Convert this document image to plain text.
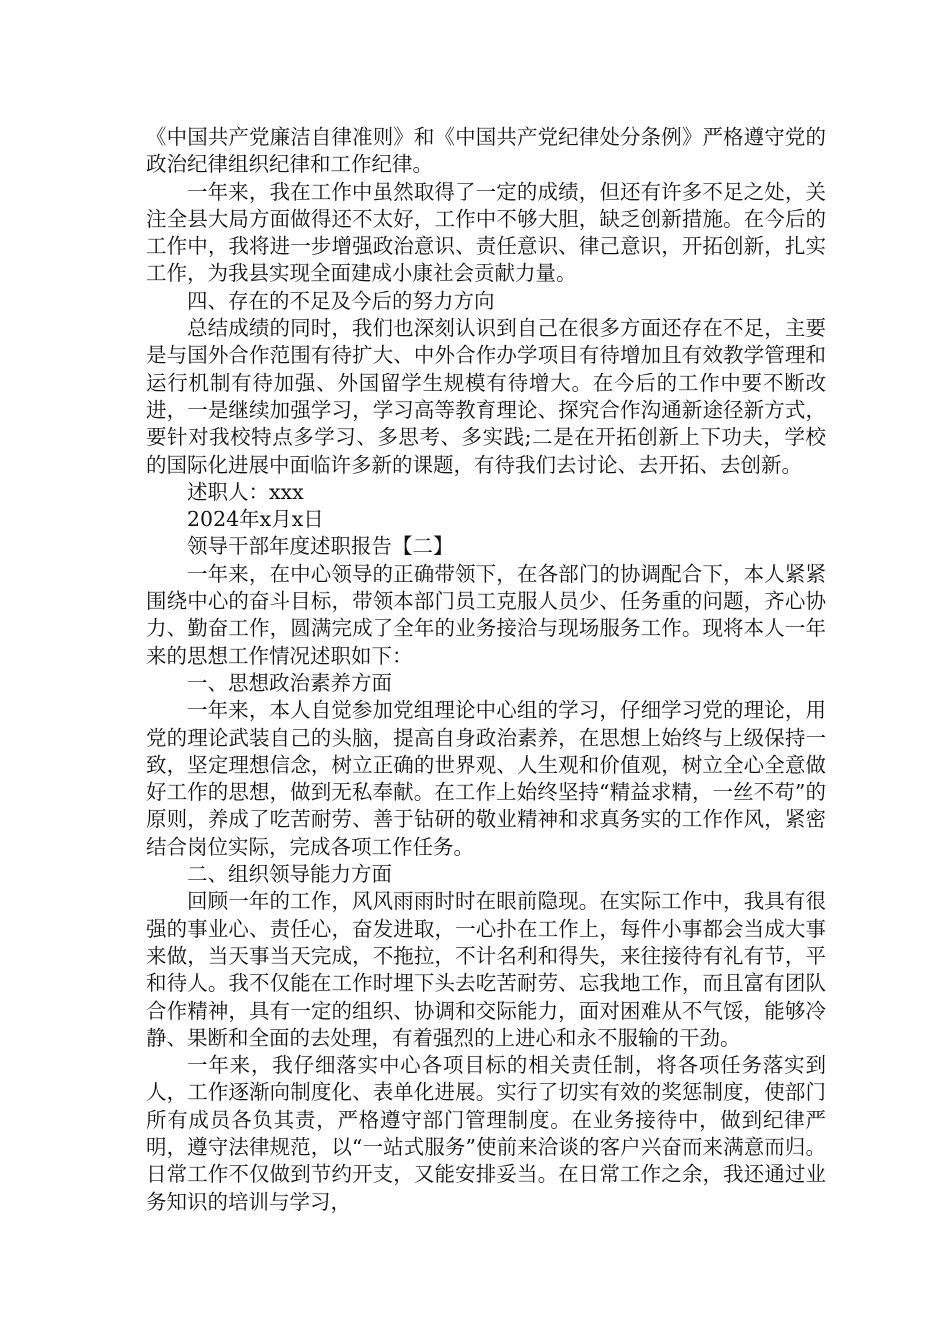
《中国共产党廉洁自律准则》和《中国共产党纪律处分条例》严格遵守党的政治纪律组织纪律和工作纪律。

一年来，我在工作中虽然取得了一定的成绩，但还有许多不足之处，关注全县大局方面做得还不太好，工作中不够大胆，缺乏创新措施。在今后的工作中，我将进一步增强政治意识、责任意识、律己意识，开拓创新，扎实工作，为我县实现全面建成小康社会贡献力量。

四、存在的不足及今后的努力方向

总结成绩的同时，我们也深刻认识到自己在很多方面还存在不足，主要是与国外合作范围有待扩大、中外合作办学项目有待增加且有效教学管理和运行机制有待加强、外国留学生规模有待增大。在今后的工作中要不断改进，一是继续加强学习，学习高等教育理论、探究合作沟通新途径新方式，要针对我校特点多学习、多思考、多实践;二是在开拓创新上下功夫，学校的国际化进展中面临许多新的课题，有待我们去讨论、去开拓、去创新。

述职人：xxx

2024年x月x日

领导干部年度述职报告【二】

一年来，在中心领导的正确带领下，在各部门的协调配合下，本人紧紧围绕中心的奋斗目标，带领本部门员工克服人员少、任务重的问题，齐心协力、勤奋工作，圆满完成了全年的业务接洽与现场服务工作。现将本人一年来的思想工作情况述职如下：

一、思想政治素养方面

一年来，本人自觉参加党组理论中心组的学习，仔细学习党的理论，用党的理论武装自己的头脑，提高自身政治素养，在思想上始终与上级保持一致，坚定理想信念，树立正确的世界观、人生观和价值观，树立全心全意做好工作的思想，做到无私奉献。在工作上始终坚持“精益求精，一丝不苟”的原则，养成了吃苦耐劳、善于钻研的敬业精神和求真务实的工作作风，紧密结合岗位实际，完成各项工作任务。

二、组织领导能力方面

回顾一年的工作，风风雨雨时时在眼前隐现。在实际工作中，我具有很强的事业心、责任心，奋发进取，一心扑在工作上，每件小事都会当成大事来做，当天事当天完成，不拖拉，不计名利和得失，来往接待有礼有节，平和待人。我不仅能在工作时埋下头去吃苦耐劳、忘我地工作，而且富有团队合作精神，具有一定的组织、协调和交际能力，面对困难从不气馁，能够冷静、果断和全面的去处理，有着强烈的上进心和永不服输的干劲。

一年来，我仔细落实中心各项目标的相关责任制，将各项任务落实到人，工作逐渐向制度化、表单化进展。实行了切实有效的奖惩制度，使部门所有成员各负其责，严格遵守部门管理制度。在业务接待中，做到纪律严明，遵守法律规范，以“一站式服务”使前来洽谈的客户兴奋而来满意而归。日常工作不仅做到节约开支，又能安排妥当。在日常工作之余，我还通过业务知识的培训与学习，
